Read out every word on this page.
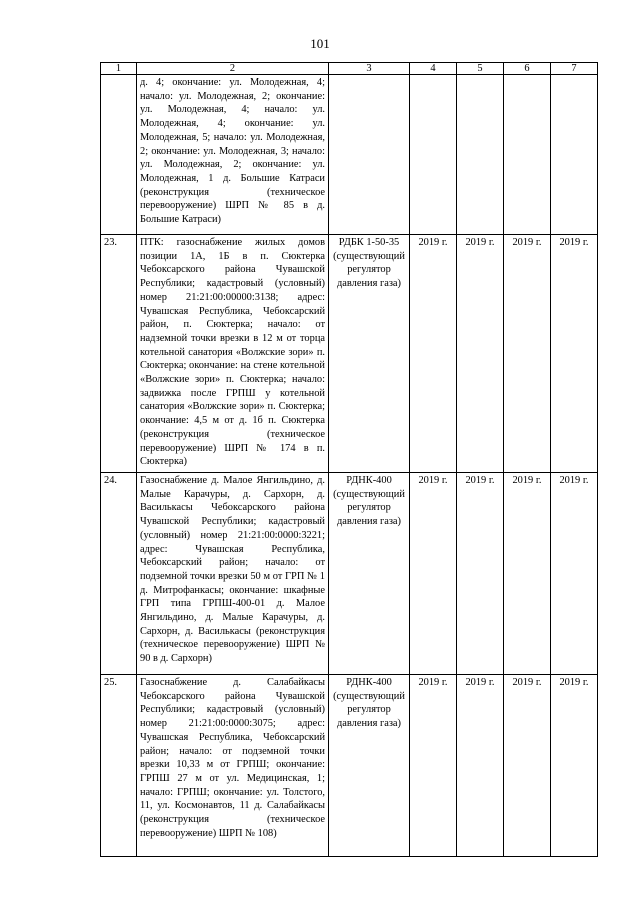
101
1	2	3	4	5	6	7
	д. 4; окончание: ул. Молодежная, 4; начало: ул. Молодежная, 2; окончание: ул. Молодежная, 4; начало: ул. Молодежная, 4; окончание: ул. Молодежная, 5; начало: ул. Молодежная, 2; окончание: ул. Молодежная, 3; начало: ул. Молодежная, 2; окончание: ул. Молодежная, 1 д. Большие Катраси (реконструкция (техническое перевооружение) ШРП № 85 в д. Большие Катраси)					
23.	ПТК: газоснабжение жилых домов позиции 1А, 1Б в п. Сюктерка Чебоксарского района Чувашской Республики; кадастровый (условный) номер 21:21:00:00000:3138; адрес: Чувашская Республика, Чебоксарский район, п. Сюктерка; начало: от надземной точки врезки в 12 м от торца котельной санатория «Волжские зори» п. Сюктерка; окончание: на стене котельной «Волжские зори» п. Сюктерка; начало: задвижка после ГРПШ у котельной санатория «Волжские зори» п. Сюктерка; окончание: 4,5 м от д. 1б п. Сюктерка (реконструкция (техническое перевооружение) ШРП № 174 в п. Сюктерка)	РДБК 1-50-35 (существующий регулятор давления газа)	2019 г.	2019 г.	2019 г.	2019 г.
24.	Газоснабжение д. Малое Янгильдино, д. Малые Карачуры, д. Сархорн, д. Василькасы Чебоксарского района Чувашской Республики; кадастровый (условный) номер 21:21:00:0000:3221; адрес: Чувашская Республика, Чебоксарский район; начало: от подземной точки врезки 50 м от ГРП № 1 д. Митрофанкасы; окончание: шкафные ГРП типа ГРПШ-400-01 д. Малое Янгильдино, д. Малые Карачуры, д. Сархорн, д. Василькасы (реконструкция (техническое перевооружение) ШРП № 90 в д. Сархорн)	РДНК-400 (существующий регулятор давления газа)	2019 г.	2019 г.	2019 г.	2019 г.
25.	Газоснабжение д. Салабайкасы Чебоксарского района Чувашской Республики; кадастровый (условный) номер 21:21:00:0000:3075; адрес: Чувашская Республика, Чебоксарский район; начало: от подземной точки врезки 10,33 м от ГРПШ; окончание: ГРПШ 27 м от ул. Медицинская, 1; начало: ГРПШ; окончание: ул. Толстого, 11, ул. Космонавтов, 11 д. Салабайкасы (реконструкция (техническое перевооружение) ШРП № 108)	РДНК-400 (существующий регулятор давления газа)	2019 г.	2019 г.	2019 г.	2019 г.
